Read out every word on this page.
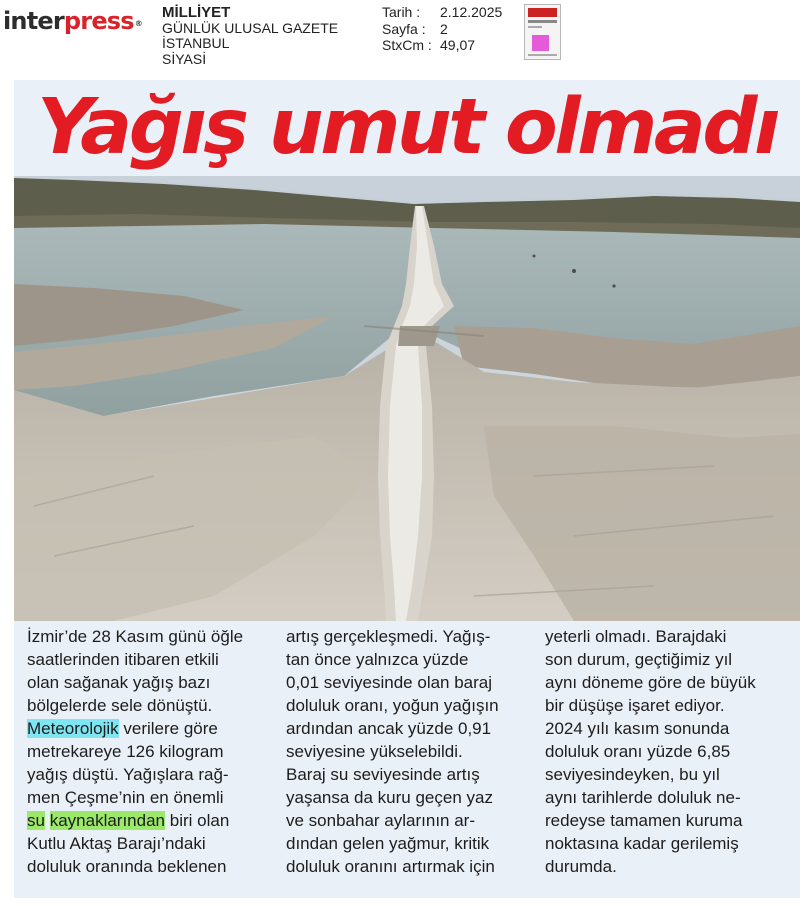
interpress®
MİLLİYET
GÜNLÜK ULUSAL GAZETE
İSTANBUL
SİYASİ
Tarih :	2.12.2025
Sayfa :	2
StxCm : 49,07
Yağış umut olmadı

İzmir’de 28 Kasım günü öğle

saatlerinden itibaren etkili

olan sağanak yağış bazı

bölgelerde sele dönüştü.

Meteorolojik verilere göre

metrekareye 126 kilogram

yağış düştü. Yağışlara rağ-

men Çeşme’nin en önemli

su kaynaklarından biri olan

Kutlu Aktaş Barajı’ndaki

doluluk oranında beklenen

artış gerçekleşmedi. Yağış-

tan önce yalnızca yüzde

0,01 seviyesinde olan baraj

doluluk oranı, yoğun yağışın

ardından ancak yüzde 0,91

seviyesine yükselebildi.

Baraj su seviyesinde artış

yaşansa da kuru geçen yaz

ve sonbahar aylarının ar-

dından gelen yağmur, kritik

doluluk oranını artırmak için

yeterli olmadı. Barajdaki

son durum, geçtiğimiz yıl

aynı döneme göre de büyük

bir düşüşe işaret ediyor.

2024 yılı kasım sonunda

doluluk oranı yüzde 6,85

seviyesindeyken, bu yıl

aynı tarihlerde doluluk ne-

redeyse tamamen kuruma

noktasına kadar gerilemiş

durumda.
